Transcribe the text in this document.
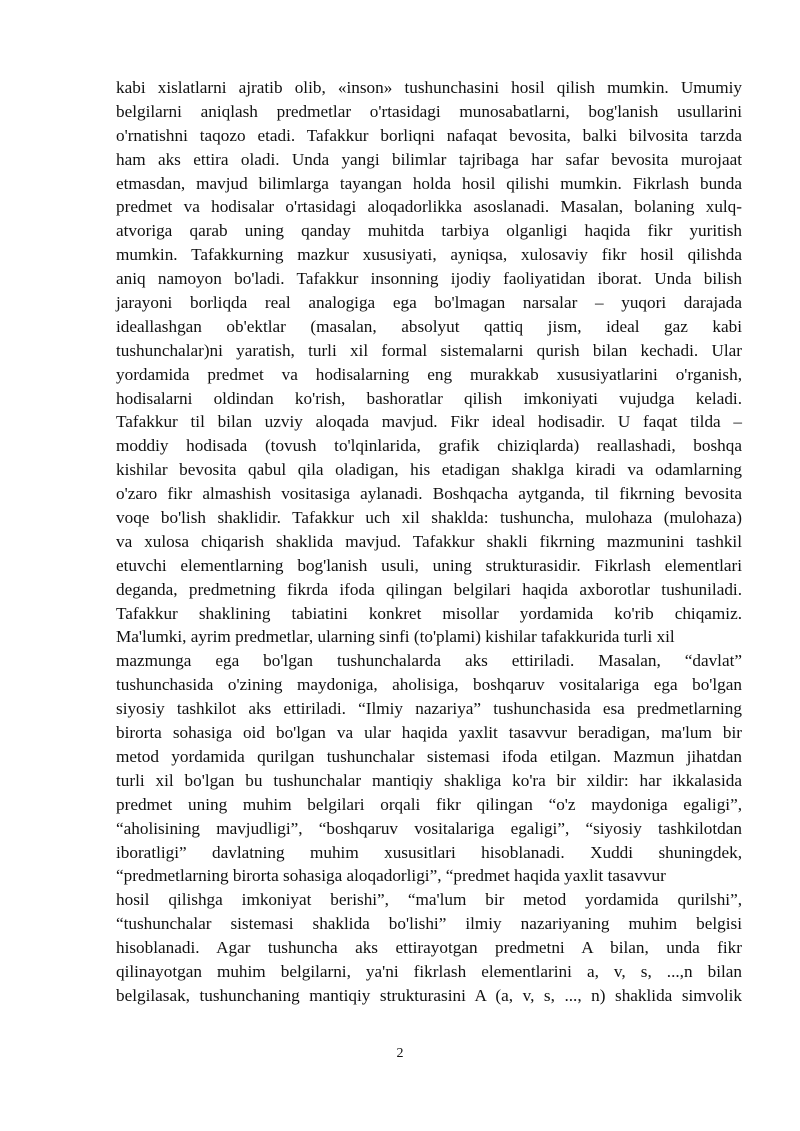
kabi xislatlarni ajratib olib, «inson» tushunchasini hosil qilish mumkin. Umumiy
belgilarni aniqlash predmetlar o'rtasidagi munosabatlarni, bog'lanish usullarini
o'rnatishni taqozo etadi. Tafakkur borliqni nafaqat bevosita, balki bilvosita tarzda
ham aks ettira oladi. Unda yangi bilimlar tajribaga har safar bevosita murojaat
etmasdan, mavjud bilimlarga tayangan holda hosil qilishi mumkin. Fikrlash bunda
predmet va hodisalar o'rtasidagi aloqadorlikka asoslanadi. Masalan, bolaning xulq-
atvoriga qarab uning qanday muhitda tarbiya olganligi haqida fikr yuritish
mumkin. Tafakkurning mazkur xususiyati, ayniqsa, xulosaviy fikr hosil qilishda
aniq namoyon bo'ladi. Tafakkur insonning ijodiy faoliyatidan iborat. Unda bilish
jarayoni borliqda real analogiga ega bo'lmagan narsalar – yuqori darajada
ideallashgan ob'ektlar (masalan, absolyut qattiq jism, ideal gaz kabi
tushunchalar)ni yaratish, turli xil formal sistemalarni qurish bilan kechadi. Ular
yordamida predmet va hodisalarning eng murakkab xususiyatlarini o'rganish,
hodisalarni oldindan ko'rish, bashoratlar qilish imkoniyati vujudga keladi.
Tafakkur til bilan uzviy aloqada mavjud. Fikr ideal hodisadir. U faqat tilda –
moddiy hodisada (tovush to'lqinlarida, grafik chiziqlarda) reallashadi, boshqa
kishilar bevosita qabul qila oladigan, his etadigan shaklga kiradi va odamlarning
o'zaro fikr almashish vositasiga aylanadi. Boshqacha aytganda, til fikrning bevosita
voqe bo'lish shaklidir. Tafakkur uch xil shaklda: tushuncha, mulohaza (mulohaza)
va xulosa chiqarish shaklida mavjud. Tafakkur shakli fikrning mazmunini tashkil
etuvchi elementlarning bog'lanish usuli, uning strukturasidir. Fikrlash elementlari
deganda, predmetning fikrda ifoda qilingan belgilari haqida axborotlar tushuniladi.
Tafakkur shaklining tabiatini konkret misollar yordamida ko'rib chiqamiz.
Ma'lumki, ayrim predmetlar, ularning sinfi (to'plami) kishilar tafakkurida turli xil
mazmunga ega bo'lgan tushunchalarda aks ettiriladi. Masalan, “davlat”
tushunchasida o'zining maydoniga, aholisiga, boshqaruv vositalariga ega bo'lgan
siyosiy tashkilot aks ettiriladi. “Ilmiy nazariya” tushunchasida esa predmetlarning
birorta sohasiga oid bo'lgan va ular haqida yaxlit tasavvur beradigan, ma'lum bir
metod yordamida qurilgan tushunchalar sistemasi ifoda etilgan. Mazmun jihatdan
turli xil bo'lgan bu tushunchalar mantiqiy shakliga ko'ra bir xildir: har ikkalasida
predmet uning muhim belgilari orqali fikr qilingan “o'z maydoniga egaligi”,
“aholisining mavjudligi”, “boshqaruv vositalariga egaligi”, “siyosiy tashkilotdan
iboratligi” davlatning muhim xususitlari hisoblanadi. Xuddi shuningdek,
“predmetlarning birorta sohasiga aloqadorligi”, “predmet haqida yaxlit tasavvur
hosil qilishga imkoniyat berishi”, “ma'lum bir metod yordamida qurilshi”,
“tushunchalar sistemasi shaklida bo'lishi” ilmiy nazariyaning muhim belgisi
hisoblanadi. Agar tushuncha aks ettirayotgan predmetni A bilan, unda fikr
qilinayotgan muhim belgilarni, ya'ni fikrlash elementlarini a, v, s, ...,n bilan
belgilasak, tushunchaning mantiqiy strukturasini A (a, v, s, ..., n) shaklida simvolik
2
